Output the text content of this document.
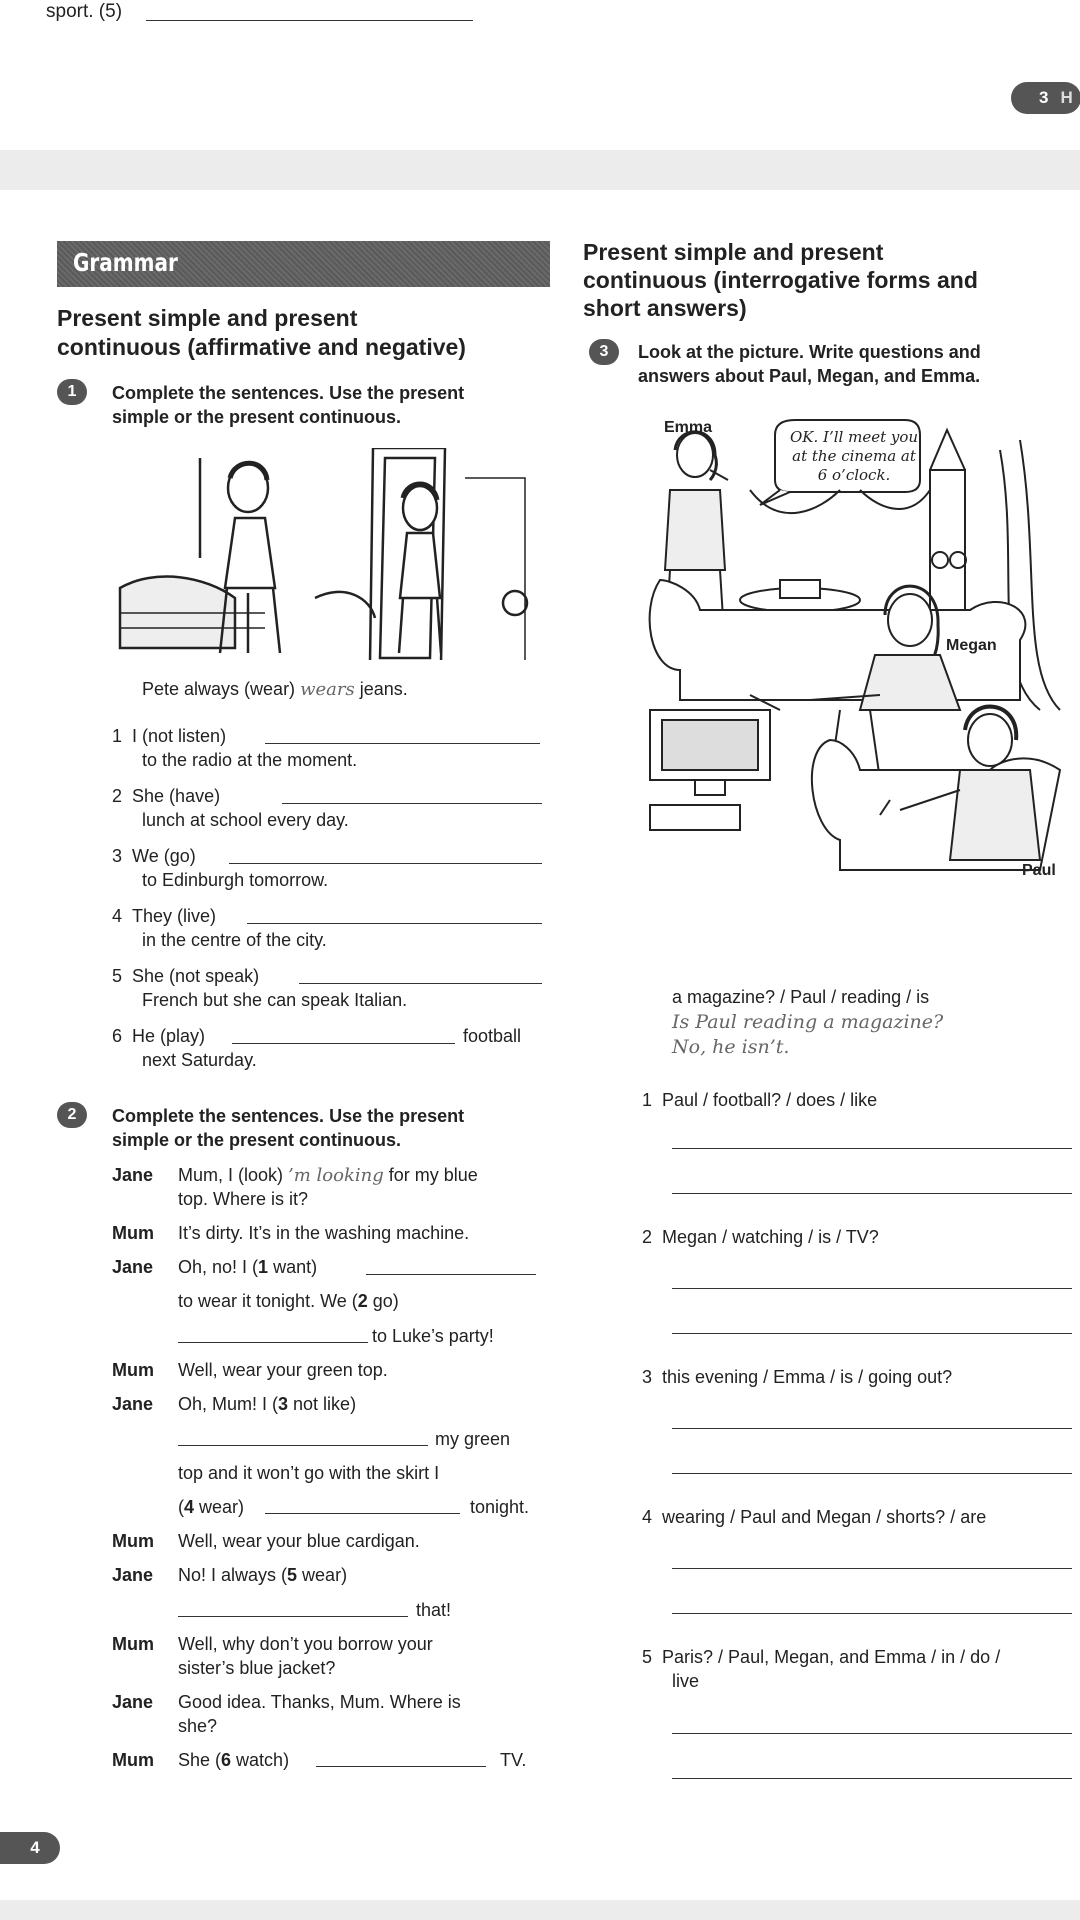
sport. (5)
3 H
Grammar
Present simple and present
continuous (affirmative and negative)
1	Complete the sentences. Use the present
simple or the present continuous.
Pete always (wear) wears jeans.
1 I (not listen)
to the radio at the moment.
2 She (have)
lunch at school every day.
3 We (go)
to Edinburgh tomorrow.
4 They (live)
in the centre of the city.
5 She (not speak)
French but she can speak Italian.
6 He (play)	football
next Saturday.
2	Complete the sentences. Use the present
simple or the present continuous.
Jane Mum, I (look) ’m looking for my blue
top. Where is it?
Mum It’s dirty. It’s in the washing machine.
Jane Oh, no! I (1 want)
to wear it tonight. We (2 go)
to Luke’s party!
Mum Well, wear your green top.
Jane Oh, Mum! I (3 not like)
my green
top and it won’t go with the skirt I
(4 wear)	tonight.
Mum Well, wear your blue cardigan.
Jane No! I always (5 wear)
that!
Mum Well, why don’t you borrow your
sister’s blue jacket?
Jane Good idea. Thanks, Mum. Where is
she?
Mum She (6 watch)	TV.
Present simple and present
continuous (interrogative forms and
short answers)
3	Look at the picture. Write questions and
answers about Paul, Megan, and Emma.
Emma
Megan
Paul
OK. I’ll meet you
at the cinema at
6 o’clock.
a magazine? / Paul / reading / is
Is Paul reading a magazine?
No, he isn’t.
1 Paul / football? / does / like
2 Megan / watching / is / TV?
3 this evening / Emma / is / going out?
4 wearing / Paul and Megan / shorts? / are
5 Paris? / Paul, Megan, and Emma / in / do /
live
4
